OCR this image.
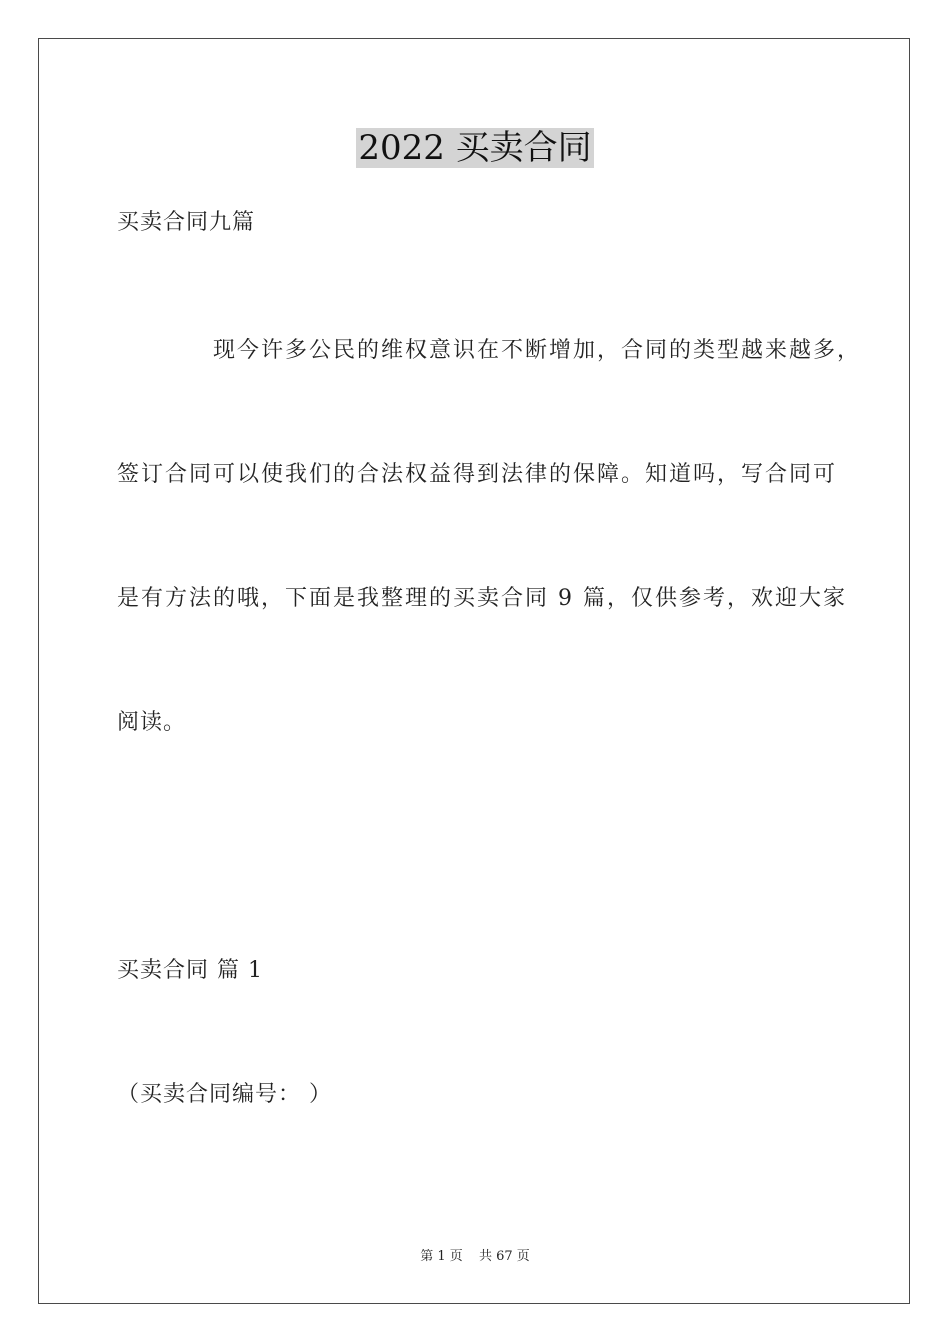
2022 买卖合同
买卖合同九篇
现今许多公民的维权意识在不断增加，合同的类型越来越多，
签订合同可以使我们的合法权益得到法律的保障。知道吗，写合同可
是有方法的哦，下面是我整理的买卖合同 9 篇，仅供参考，欢迎大家
阅读。
买卖合同 篇 1
（买卖合同编号： ）
第 1 页 共 67 页
